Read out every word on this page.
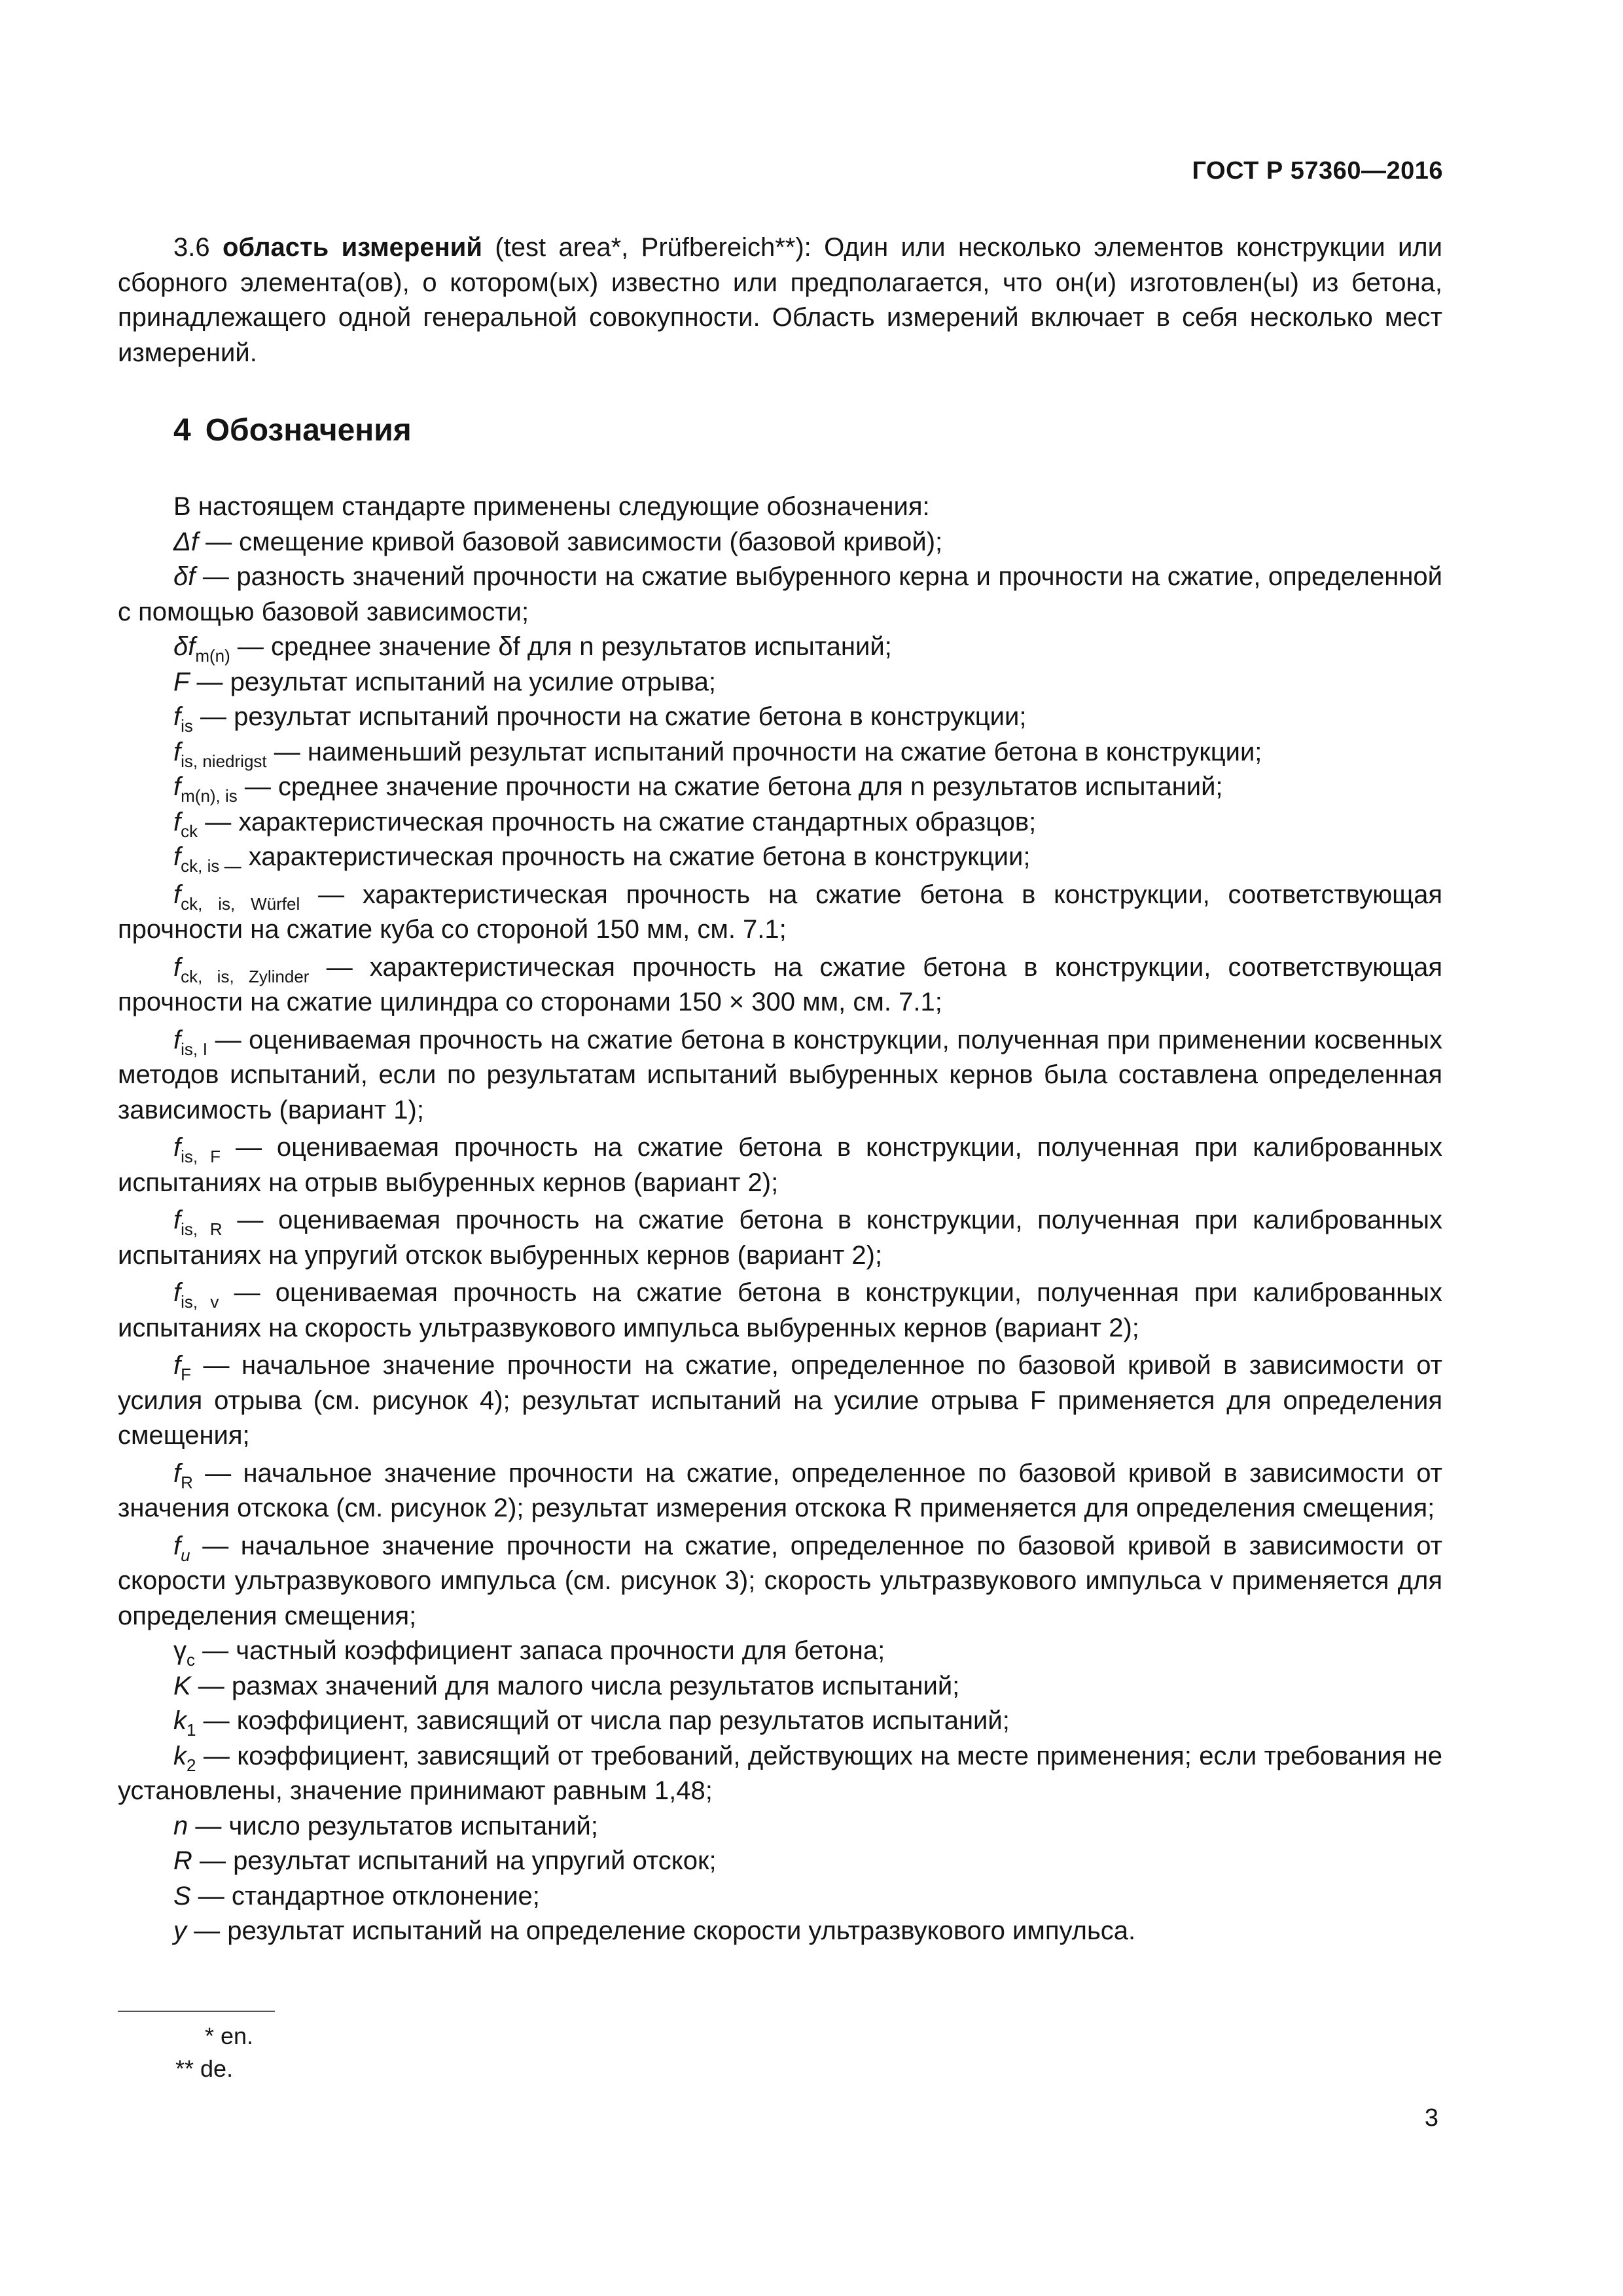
ГОСТ Р 57360—2016

3.6 область измерений (test area*, Prüfbereich**): Один или несколько элементов конструкции или сборного элемента(ов), о котором(ых) известно или предполагается, что он(и) изготовлен(ы) из бетона, принадлежащего одной генеральной совокупности. Область измерений включает в себя несколько мест измерений.

4 Обозначения

В настоящем стандарте применены следующие обозначения:

Δf — смещение кривой базовой зависимости (базовой кривой);

δf — разность значений прочности на сжатие выбуренного керна и прочности на сжатие, определенной с помощью базовой зависимости;

$\delta f_{m(n)}$ — среднее значение δf для n результатов испытаний;

F — результат испытаний на усилие отрыва;

$f_{is}$ — результат испытаний прочности на сжатие бетона в конструкции;

$f_{is, niedrigst}$ — наименьший результат испытаний прочности на сжатие бетона в конструкции;

$f_{m(n), is}$ — среднее значение прочности на сжатие бетона для n результатов испытаний;

$f_{ck}$ — характеристическая прочность на сжатие стандартных образцов;

$f_{ck, is —}$ характеристическая прочность на сжатие бетона в конструкции;

$f_{ck, is, Würfel}$ — характеристическая прочность на сжатие бетона в конструкции, соответствующая прочности на сжатие куба со стороной 150 мм, см. 7.1;

$f_{ck, is, Zylinder}$ — характеристическая прочность на сжатие бетона в конструкции, соответствующая прочности на сжатие цилиндра со сторонами 150 × 300 мм, см. 7.1;

$f_{is, I}$ — оцениваемая прочность на сжатие бетона в конструкции, полученная при применении косвенных методов испытаний, если по результатам испытаний выбуренных кернов была составлена определенная зависимость (вариант 1);

$f_{is, F}$ — оцениваемая прочность на сжатие бетона в конструкции, полученная при калиброванных испытаниях на отрыв выбуренных кернов (вариант 2);

$f_{is, R}$ — оцениваемая прочность на сжатие бетона в конструкции, полученная при калиброванных испытаниях на упругий отскок выбуренных кернов (вариант 2);

$f_{is, v}$ — оцениваемая прочность на сжатие бетона в конструкции, полученная при калиброванных испытаниях на скорость ультразвукового импульса выбуренных кернов (вариант 2);

$f_F$ — начальное значение прочности на сжатие, определенное по базовой кривой в зависимости от усилия отрыва (см. рисунок 4); результат испытаний на усилие отрыва F применяется для определения смещения;

$f_R$ — начальное значение прочности на сжатие, определенное по базовой кривой в зависимости от значения отскока (см. рисунок 2); результат измерения отскока R применяется для определения смещения;

$f_u$ — начальное значение прочности на сжатие, определенное по базовой кривой в зависимости от скорости ультразвукового импульса (см. рисунок 3); скорость ультразвукового импульса v применяется для определения смещения;

$\gamma_c$ — частный коэффициент запаса прочности для бетона;

K — размах значений для малого числа результатов испытаний;

$k_1$ — коэффициент, зависящий от числа пар результатов испытаний;

$k_2$ — коэффициент, зависящий от требований, действующих на месте применения; если требования не установлены, значение принимают равным 1,48;

n — число результатов испытаний;

R — результат испытаний на упругий отскок;

S — стандартное отклонение;

y — результат испытаний на определение скорости ультразвукового импульса.

* en.
** de.
3
